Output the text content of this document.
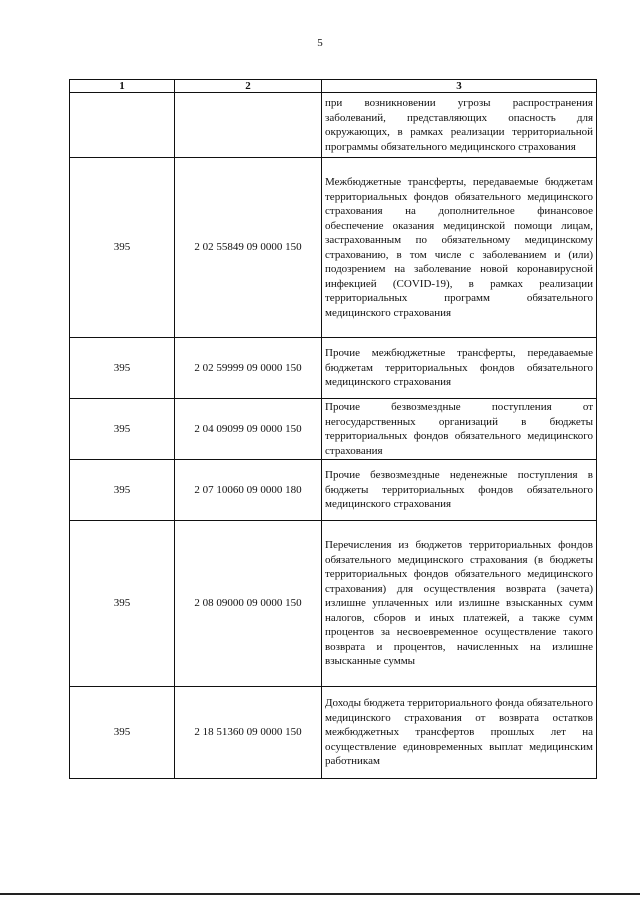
5
1	2	3
		при возникновении угрозы распространения заболеваний, представляющих опасность для окружающих, в рамках реализации территориальной программы обязательного медицинского страхования
395	2 02 55849 09 0000 150	Межбюджетные трансферты, передаваемые бюджетам территориальных фондов обязательного медицинского страхования на дополнительное финансовое обеспечение оказания медицинской помощи лицам, застрахованным по обязательному медицинскому страхованию, в том числе с заболеванием и (или) подозрением на заболевание новой коронавирусной инфекцией (COVID-19), в рамках реализации территориальных программ обязательного медицинского страхования
395	2 02 59999 09 0000 150	Прочие межбюджетные трансферты, передаваемые бюджетам территориальных фондов обязательного медицинского страхования
395	2 04 09099 09 0000 150	Прочие безвозмездные поступления от негосударственных организаций в бюджеты территориальных фондов обязательного медицинского страхования
395	2 07 10060 09 0000 180	Прочие безвозмездные неденежные поступления в бюджеты территориальных фондов обязательного медицинского страхования
395	2 08 09000 09 0000 150	Перечисления из бюджетов территориальных фондов обязательного медицинского страхования (в бюджеты территориальных фондов обязательного медицинского страхования) для осуществления возврата (зачета) излишне уплаченных или излишне взысканных сумм налогов, сборов и иных платежей, а также сумм процентов за несвоевременное осуществление такого возврата и процентов, начисленных на излишне взысканные суммы
395	2 18 51360 09 0000 150	Доходы бюджета территориального фонда обязательного медицинского страхования от возврата остатков межбюджетных трансфертов прошлых лет на осуществление единовременных выплат медицинским работникам
